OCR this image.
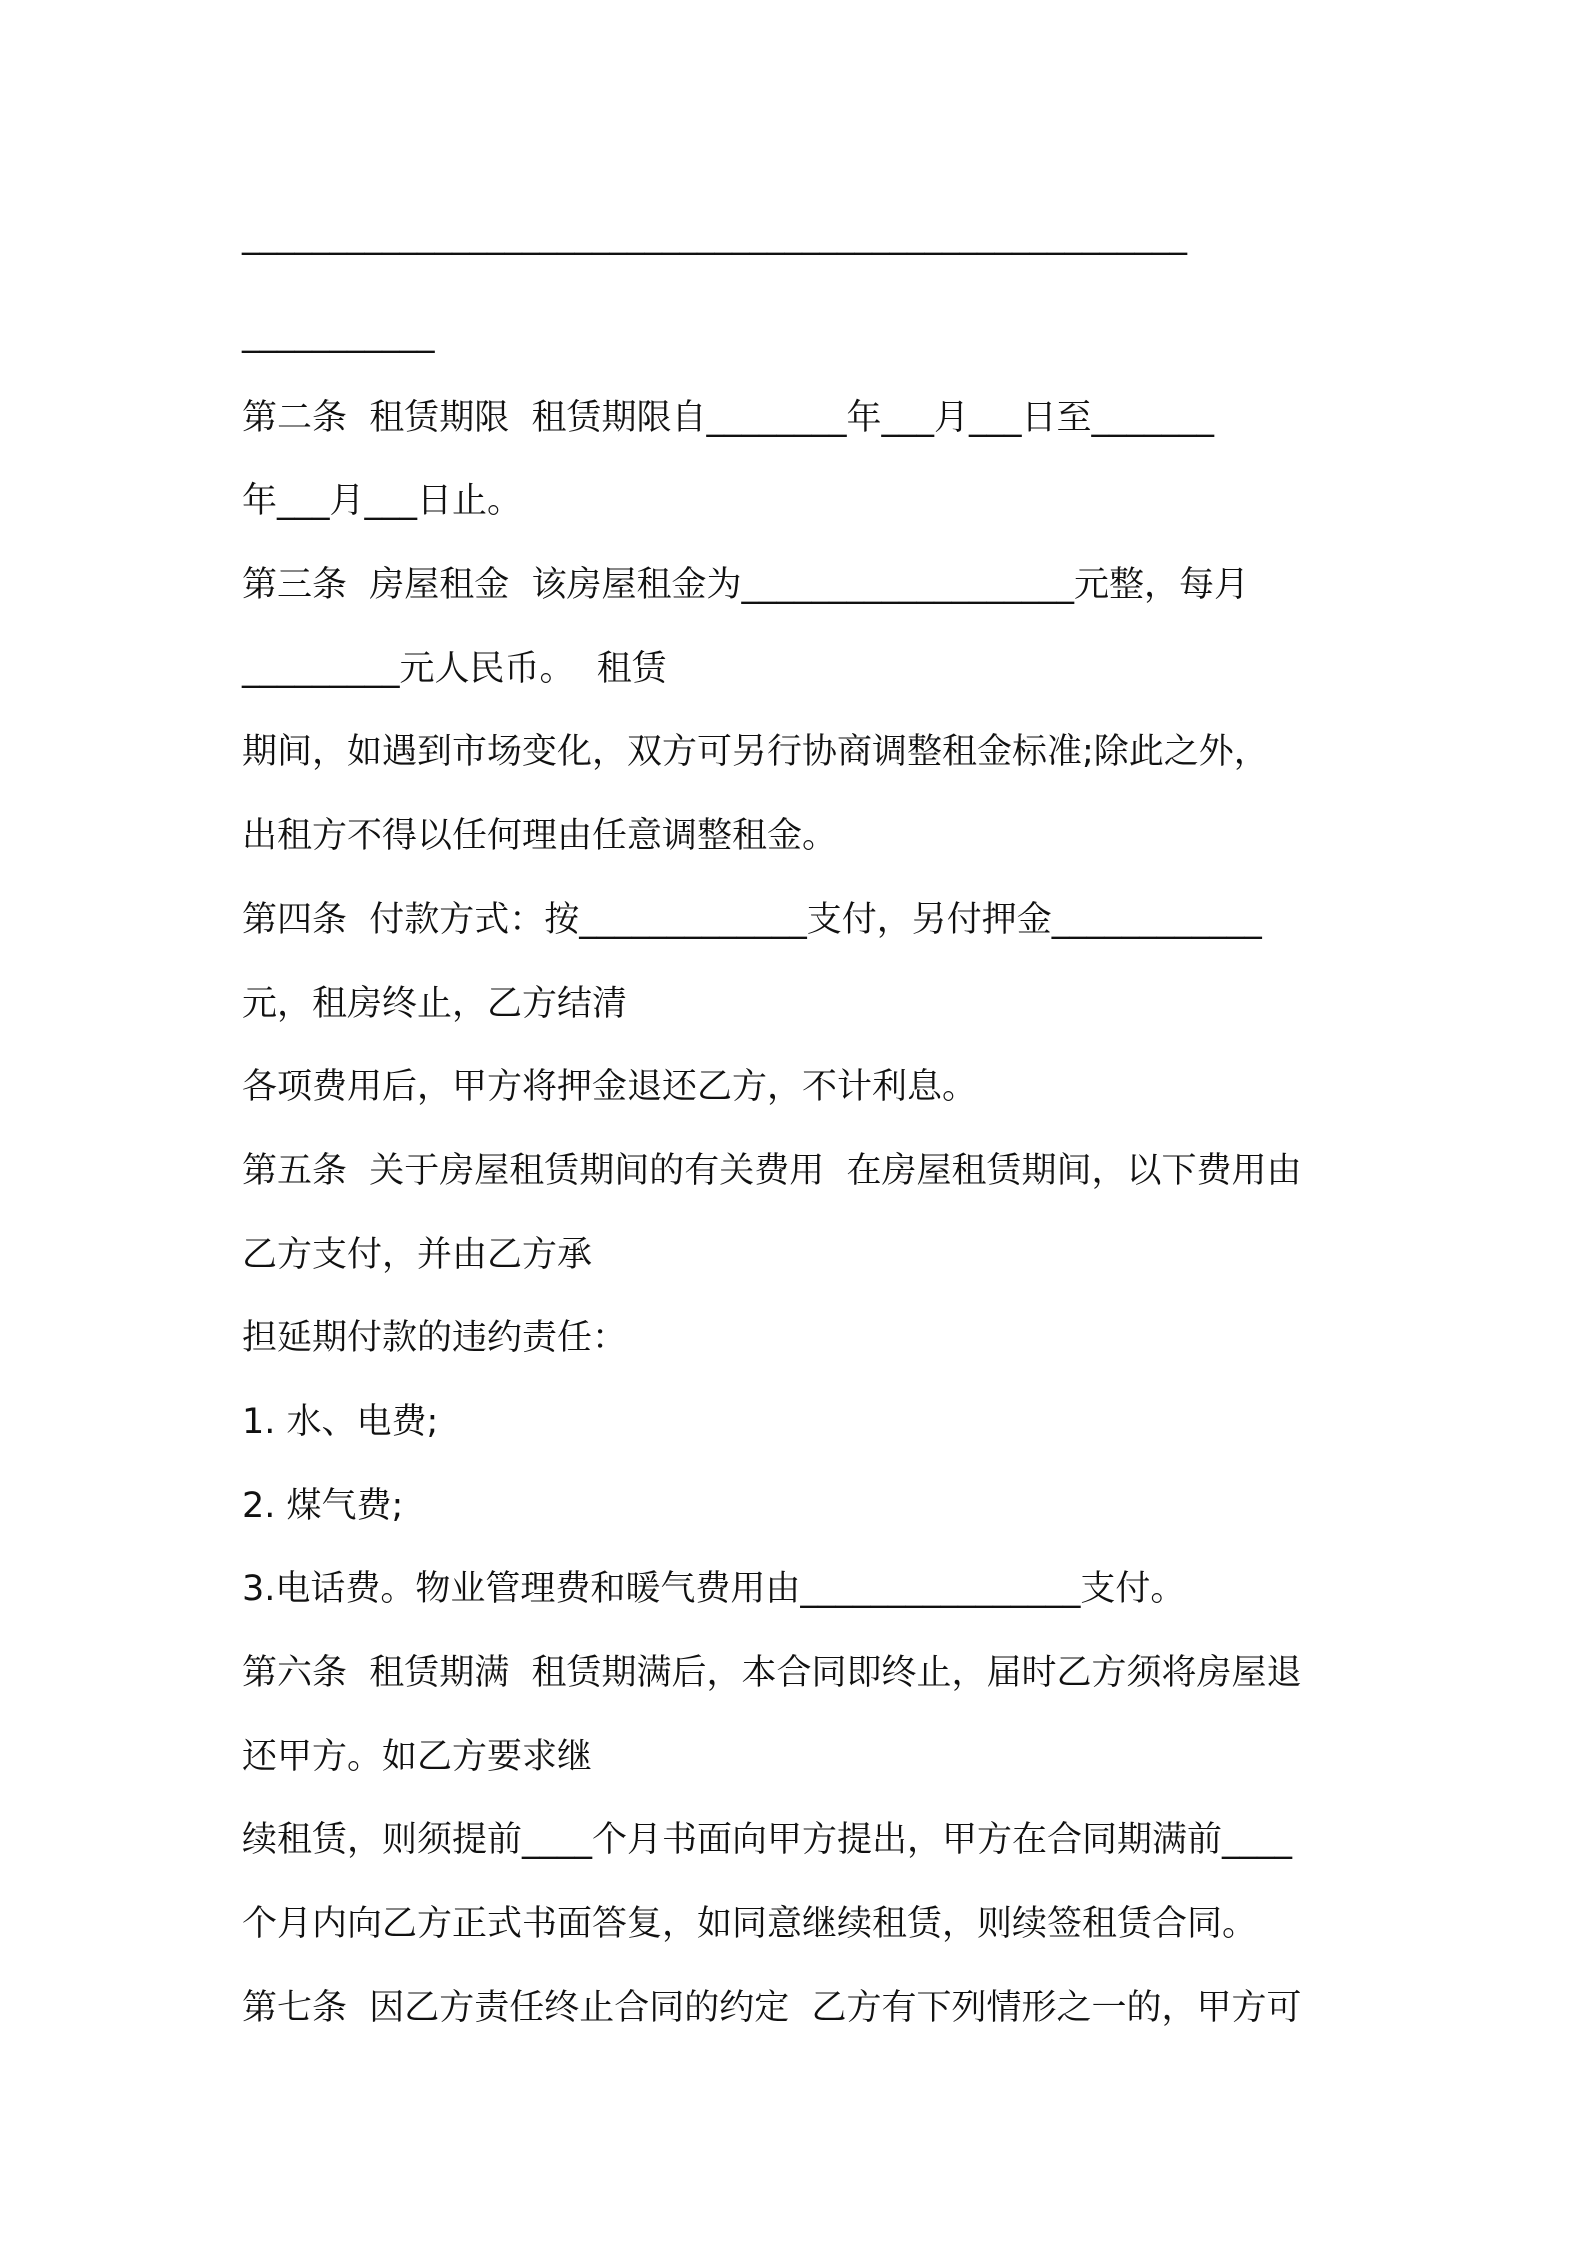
______________________________________________________
___________
第二条  租赁期限  租赁期限自________年___月___日至_______
年___月___日止。
第三条  房屋租金  该房屋租金为___________________元整，每月
_________元人民币。  租赁
期间，如遇到市场变化，双方可另行协商调整租金标准;除此之外，
出租方不得以任何理由任意调整租金。
第四条  付款方式：按_____________支付，另付押金____________
元，租房终止，乙方结清
各项费用后，甲方将押金退还乙方，不计利息。
第五条  关于房屋租赁期间的有关费用  在房屋租赁期间，以下费用由
乙方支付，并由乙方承
担延期付款的违约责任：
1. 水、电费;
2. 煤气费;
3.电话费。物业管理费和暖气费用由________________支付。
第六条  租赁期满  租赁期满后，本合同即终止，届时乙方须将房屋退
还甲方。如乙方要求继
续租赁，则须提前____个月书面向甲方提出，甲方在合同期满前____
个月内向乙方正式书面答复，如同意继续租赁，则续签租赁合同。
第七条  因乙方责任终止合同的约定  乙方有下列情形之一的，甲方可
